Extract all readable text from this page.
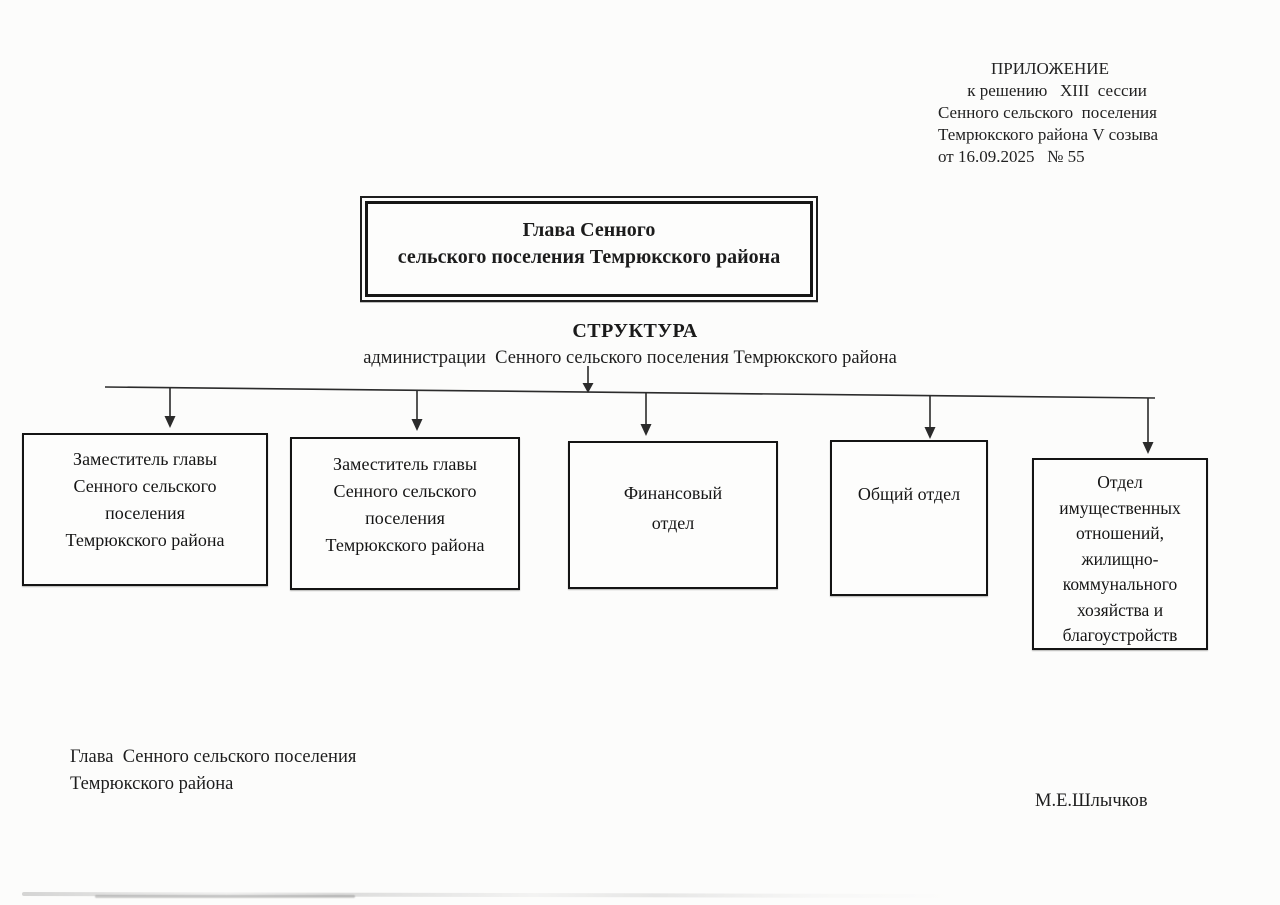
ПРИЛОЖЕНИЕ
к решению   XIII  сессии
Сенного сельского  поселения
Темрюкского района V созыва
от 16.09.2025   № 55
Глава Сенного
сельского поселения Темрюкского района
СТРУКТУРА
администрации  Сенного сельского поселения Темрюкского района
Заместитель главы
Сенного сельского
поселения
Темрюкского района
Заместитель главы
Сенного сельского
поселения
Темрюкского района
Финансовый
отдел
Общий отдел
Отдел
имущественных
отношений,
жилищно-
коммунального
хозяйства и
благоустройств
Глава  Сенного сельского поселения
Темрюкского района
М.Е.Шлычков
